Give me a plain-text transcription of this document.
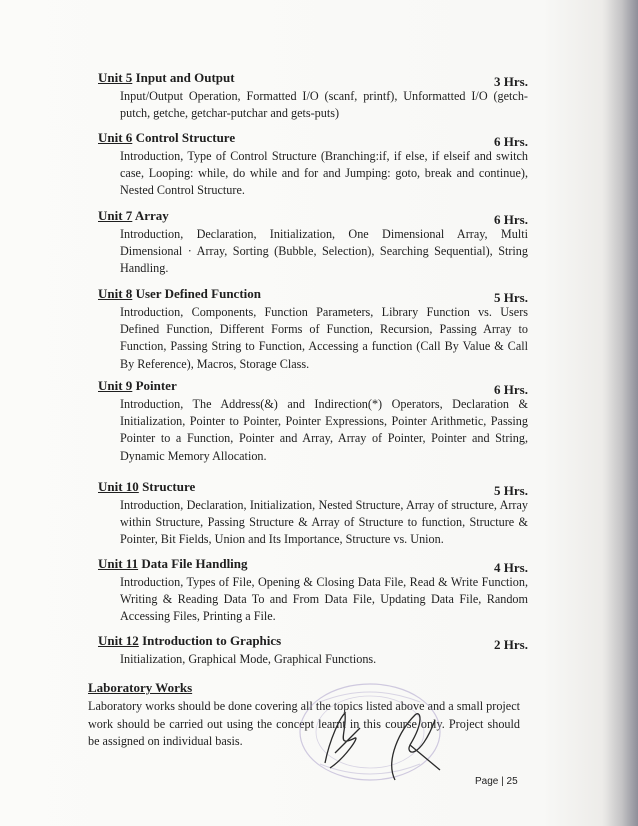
Unit 5 Input and Output	3 Hrs.
Input/Output Operation, Formatted I/O (scanf, printf), Unformatted I/O (getch-putch, getche, getchar-putchar and gets-puts)
Unit 6 Control Structure	6 Hrs.
Introduction, Type of Control Structure (Branching:if, if else, if elseif and switch case, Looping: while, do while and for and Jumping: goto, break and continue), Nested Control Structure.
Unit 7 Array	6 Hrs.
Introduction, Declaration, Initialization, One Dimensional Array, Multi Dimensional · Array, Sorting (Bubble, Selection), Searching Sequential), String Handling.
Unit 8 User Defined Function	5 Hrs.
Introduction, Components, Function Parameters, Library Function vs. Users Defined Function, Different Forms of Function, Recursion, Passing Array to Function, Passing String to Function, Accessing a function (Call By Value & Call By Reference), Macros, Storage Class.
Unit 9 Pointer	6 Hrs.
Introduction, The Address(&) and Indirection(*) Operators, Declaration & Initialization, Pointer to Pointer, Pointer Expressions, Pointer Arithmetic, Passing Pointer to a Function, Pointer and Array, Array of Pointer, Pointer and String, Dynamic Memory Allocation.
Unit 10 Structure	5 Hrs.
Introduction, Declaration, Initialization, Nested Structure, Array of structure, Array within Structure, Passing Structure & Array of Structure to function, Structure & Pointer, Bit Fields, Union and Its Importance, Structure vs. Union.
Unit 11 Data File Handling	4 Hrs.
Introduction, Types of File, Opening & Closing Data File, Read & Write Function, Writing & Reading Data To and From Data File, Updating Data File, Random Accessing Files, Printing a File.
Unit 12 Introduction to Graphics	2 Hrs.
Initialization, Graphical Mode, Graphical Functions.
Laboratory Works
Laboratory works should be done covering all the topics listed above and a small project work should be carried out using the concept learnt in this course only. Project should be assigned on individual basis.
Page | 25
